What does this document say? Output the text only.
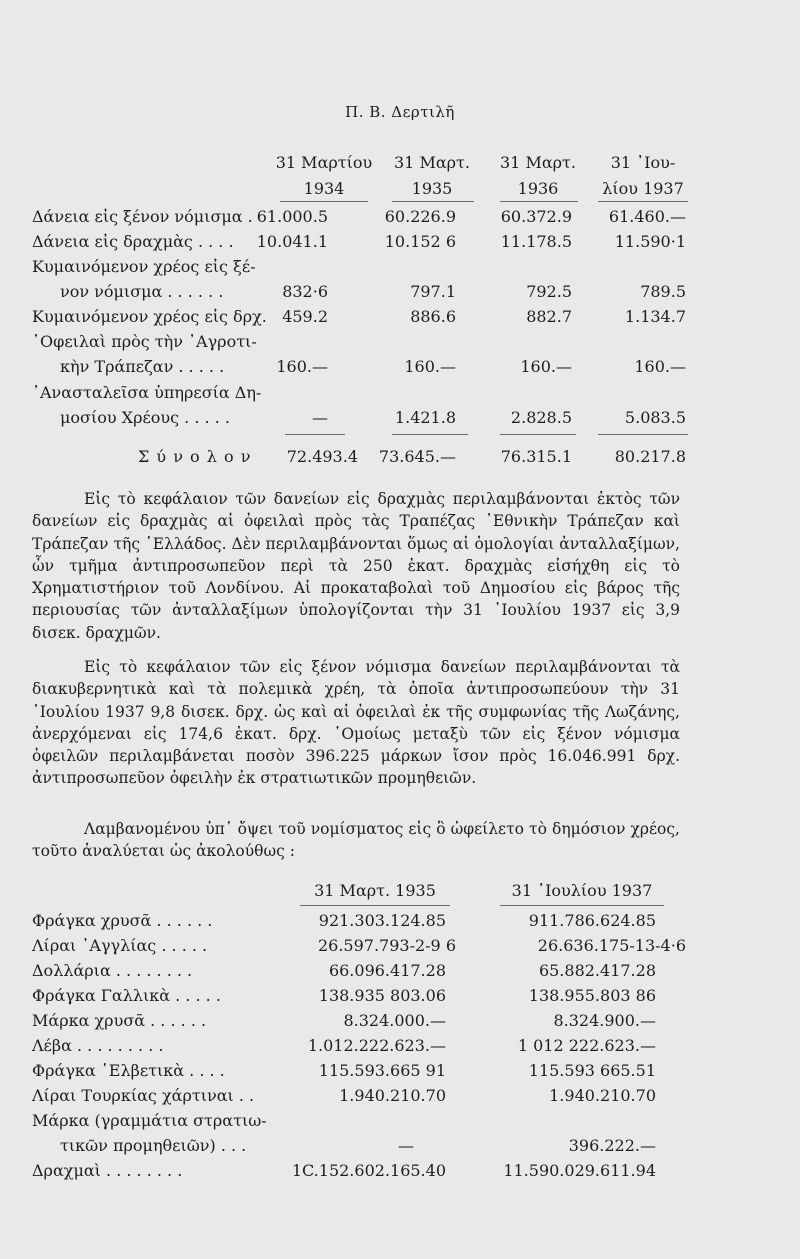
Π. Β. Δερτιλῆ
31 Μαρτίου
1934
31 Μαρτ.
1935
31 Μαρτ.
1936
31 ᾿Ιου-
λίου 1937
Δάνεια εἰς ξένον νόμισμα . 61.000.5	60.226.9	60.372.9 61.460.—
Δάνεια εἰς δραχμὰς . . . . 10.041.1	10.152 6	11.178.5	11.590·1
Κυμαινόμενον χρέος εἰς ξέ-
νον νόμισμα . . . . . .	832·6	797.1	792.5	789.5
Κυμαινόμενον χρέος εἰς δρχ. 459.2	886.6	882.7	1.134.7
᾿Οφειλαὶ πρὸς τὴν ᾿Αγροτι-
κὴν Τράπεζαν . . . . .	160.—	160.—	160.—	160.—
᾿Ανασταλεῖσα ὑπηρεσία Δη-
μοσίου Χρέους . . . . .	—	1.421.8	2.828.5	5.083.5
Σ ύ ν ο λ ο ν 72.493.4 73.645.—	76.315.1	80.217.8

Εἰς τὸ κεφάλαιον τῶν δανείων εἰς δραχμὰς περιλαμβάνονται ἐκτὸς τῶν δανείων εἰς δραχμὰς αἱ ὀφειλαὶ πρὸς τὰς Τραπέζας ᾿Εθνικὴν Τράπεζαν καὶ Τράπεζαν τῆς ῾Ελλάδος. Δὲν περιλαμβάνονται ὅμως αἱ ὁμολογίαι ἀνταλλαξίμων, ὧν τμῆμα ἀντιπροσωπεῦον περὶ τὰ 250 ἑκατ. δραχμὰς εἰσήχθη εἰς τὸ Χρηματιστήριον τοῦ Λονδίνου. Αἱ προκαταβολαὶ τοῦ Δημοσίου εἰς βάρος τῆς περιουσίας τῶν ἀνταλλαξίμων ὑπολογίζονται τὴν 31 ᾿Ιουλίου 1937 εἰς 3,9 δισεκ. δραχμῶν.

Εἰς τὸ κεφάλαιον τῶν εἰς ξένον νόμισμα δανείων περιλαμβάνονται τὰ διακυβερνητικὰ καὶ τὰ πολεμικὰ χρέη, τὰ ὁποῖα ἀντιπροσωπεύουν τὴν 31 ᾿Ιουλίου 1937 9,8 δισεκ. δρχ. ὡς καὶ αἱ ὀφειλαὶ ἐκ τῆς συμφωνίας τῆς Λωζάνης, ἀνερχόμεναι εἰς 174,6 ἑκατ. δρχ. ῾Ομοίως μεταξὺ τῶν εἰς ξένον νόμισμα ὀφειλῶν περιλαμβάνεται ποσὸν 396.225 μάρκων ἴσον πρὸς 16.046.991 δρχ. ἀντιπροσωπεῦον ὀφειλὴν ἐκ στρατιωτικῶν προμηθειῶν.

Λαμβανομένου ὑπ᾿ ὄψει τοῦ νομίσματος εἰς ὃ ὠφείλετο τὸ δημόσιον χρέος, τοῦτο ἀναλύεται ὡς ἀκολούθως :

31 Μαρτ. 1935	31 ᾿Ιουλίου 1937
Φράγκα χρυσᾶ . . . . . .	921.303.124.85	911.786.624.85
Λίραι ᾿Αγγλίας . . . . .	26.597.793-2-9 6	26.636.175-13-4·6
Δολλάρια . . . . . . . .	66.096.417.28	65.882.417.28
Φράγκα Γαλλικὰ . . . . .	138.935 803.06	138.955.803 86
Μάρκα χρυσᾶ . . . . . .	8.324.000.—	8.324.900.—
Λέβα . . . . . . . . .	1.012.222.623.—	1 012 222.623.—
Φράγκα ῾Ελβετικὰ . . . .	115.593.665 91	115.593 665.51
Λίραι Τουρκίας χάρτιναι . .	1.940.210.70	1.940.210.70
Μάρκα (γραμμάτια στρατιω-
τικῶν προμηθειῶν) . . .	—	396.222.—
Δραχμαὶ . . . . . . . .	1C.152.602.165.40	11.590.029.611.94
